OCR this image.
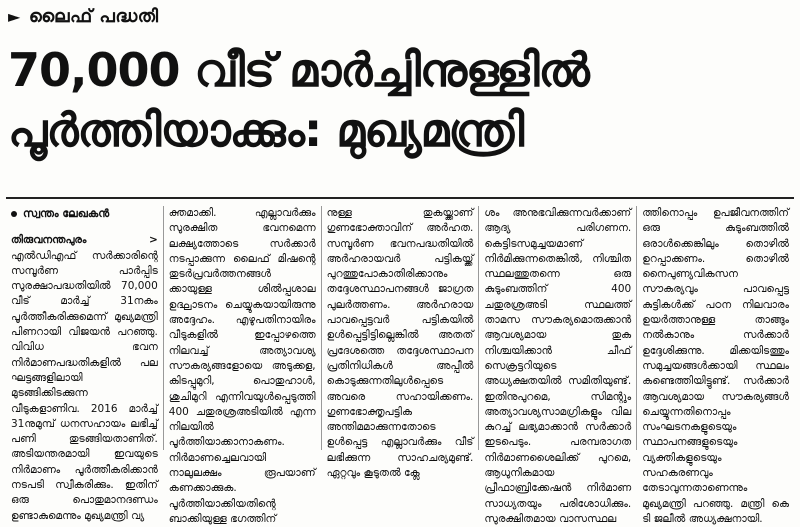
► ലൈഫ് പദ്ധതി
70,000 വീട് മാർച്ചിനുള്ളിൽ
പൂർത്തിയാക്കും: മുഖ്യമന്ത്രി
സ്വന്തം ലേഖകൻ

തിരുവനന്തപുരം > എൽഡിഎഫ് സർക്കാരിന്റെ സമ്പൂർണ പാർപ്പിട സുരക്ഷാപദ്ധതിയിൽ 70,000 വീട് മാർച്ച് 31നകം പൂർത്തീകരിക്കുമെന്ന് മുഖ്യമന്ത്രി പിണറായി വിജയൻ പറഞ്ഞു. വിവിധ ഭവന നിർമാണപദ്ധതികളിൽ പല ഘട്ടങ്ങളിലായി മുടങ്ങിക്കിടക്കുന്ന വീടുകളാണിവ. 2016 മാർച്ച് 31നുമുമ്പ് ധനസഹായം ലഭിച്ച് പണി തുടങ്ങിയതാണിത്. അടിയന്തരമായി ഇവയുടെ നിർമാണം പൂർത്തീകരിക്കാൻ നടപടി സ്വീകരിക്കും. ഇതിന് ഒരു പൊതുമാനദണ്ഡം ഉണ്ടാകുമെന്നും മുഖ്യമന്ത്രി വ്യ

ക്തമാക്കി. എല്ലാവർക്കും സുരക്ഷിത ഭവനമെന്ന ലക്ഷ്യത്തോടെ സർക്കാർ നടപ്പാക്കുന്ന ലൈഫ് മിഷന്റെ തുടർപ്രവർത്തനങ്ങൾ ക്കായുള്ള ശിൽപ്പശാല ഉദ്ഘാടനം ചെയ്യുകയായിരുന്നു അദ്ദേഹം. എഴുപതിനായിരം വീടുകളിൽ ഇപ്പോഴത്തെ നിലവച്ച് അത്യാവശ്യ സൗകര്യങ്ങളോയെ അടുക്കള, കിടപ്പുമുറി, പൊതുഹാൾ, ശുചിമുറി എന്നിവയുൾപ്പെടുത്തി 400 ചതുരശ്രഅടിയിൽ എന്ന നിലയിൽ പൂർത്തിയാക്കാനാകണം. നിർമാണച്ചെലവായി നാലുലക്ഷം രൂപയാണ് കണക്കാക്കുക. പൂർത്തിയാക്കിയതിന്റെ ബാക്കിയുള്ള ഭഗത്തിന്

നുള്ള തുകയ്ക്കാണ് ഗുണഭോക്താവിന് അർഹത. സമ്പൂർണ ഭവനപദ്ധതിയിൽ അർഹരായവർ പട്ടികയ്ക്ക് പുറത്തുപോകാതിരിക്കാനും തദ്ദേശസ്ഥാപനങ്ങൾ ജാഗ്രത പുലർത്തണം. അർഹരായ പാവപ്പെട്ടവർ പട്ടികയിൽ ഉൾപ്പെട്ടിട്ടില്ലെങ്കിൽ അതത് പ്രദേശത്തെ തദ്ദേശസ്ഥാപന പ്രതിനിധികൾ അപ്പീൽ കൊടുക്കുന്നതിലുൾപ്പെടെ അവരെ സഹായിക്കണം. ഗുണഭോക്തൃപട്ടിക അന്തിമമാക്കുന്നതോടെ ഉൾപ്പെട്ട എല്ലാവർക്കും വീട് ലഭിക്കുന്ന സാഹചര്യമുണ്ട്. ഏറ്റവും കൂടുതൽ ക്ലേ

ശം അനുഭവിക്കുന്നവർക്കാണ് ആദ്യ പരിഗണന. കെട്ടിടസമുച്ചയമാണ് നിർമിക്കുന്നതെങ്കിൽ, നിശ്ചിത സ്ഥലത്തുതന്നെ ഒരു കുടുംബത്തിന് 400 ചതുരശ്രഅടി സ്ഥലത്ത് താമസ സൗകര്യമൊരുക്കാൻ ആവശ്യമായ തുക നിശ്ചയിക്കാൻ ചീഫ് സെക്രട്ടറിയുടെ അധ്യക്ഷതയിൽ സമിതിയുണ്ട്. ഇതിനുപുറമെ, സിമന്റും അത്യാവശ്യസാമഗ്രികളും വില കുറച്ച് ലഭ്യമാക്കാൻ സർക്കാർ ഇടപെടും. പരമ്പരാഗത നിർമാണശൈലിക്ക് പുറമെ, ആധുനികമായ പ്രീഫാബ്രിക്കേഷൻ നിർമാണ സാധ്യതയും പരിശോധിക്കും. സുരക്ഷിതമായ വാസസ്ഥല

ത്തിനൊപ്പം ഉപജീവനത്തിന് ഒരു കുടുംബത്തിൽ ഒരാൾക്കെങ്കിലും തൊഴിൽ ഉറപ്പാക്കണം. തൊഴിൽ നൈപുണ്യവികസന സൗകര്യവും പാവപ്പെട്ട കുട്ടികൾക്ക് പഠന നിലവാരം ഉയർത്താനുള്ള താങ്ങും നൽകാനും സർക്കാർ ഉദ്ദേശിക്കുന്നു. മിക്കയിടത്തും സമുച്ചയങ്ങൾക്കായി സ്ഥലം കണ്ടെത്തിയിട്ടുണ്ട്. സർക്കാർ ആവശ്യമായ സൗകര്യങ്ങൾ ചെയ്യുന്നതിനൊപ്പം സംഘടനകളുടെയും സ്ഥാപനങ്ങളുടെയും വ്യക്തികളുടെയും സഹകരണവും തേടാവുന്നതാണെന്നും മുഖ്യമന്ത്രി പറഞ്ഞു. മന്ത്രി കെ ടി ജലീൽ അധ്യക്ഷനായി.
